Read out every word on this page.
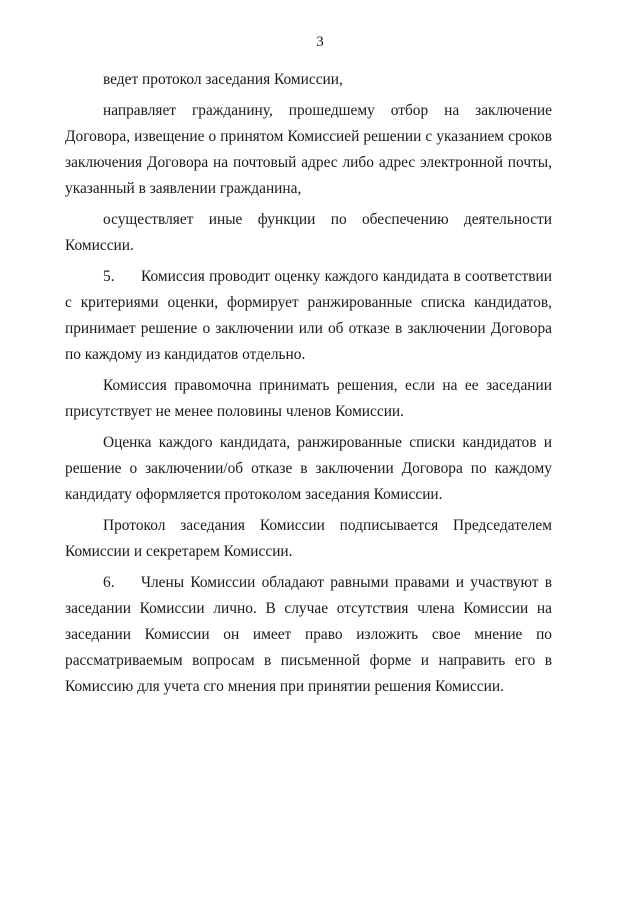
3

ведет протокол заседания Комиссии,

направляет гражданину, прошедшему отбор на заключение Договора, извещение о принятом Комиссией решении с указанием сроков заключения Договора на почтовый адрес либо адрес электронной почты, указанный в заявлении гражданина,

осуществляет иные функции по обеспечению деятельности Комиссии.

5. Комиссия проводит оценку каждого кандидата в соответствии с критериями оценки, формирует ранжированные списка кандидатов, принимает решение о заключении или об отказе в заключении Договора по каждому из кандидатов отдельно.

Комиссия правомочна принимать решения, если на ее заседании присутствует не менее половины членов Комиссии.

Оценка каждого кандидата, ранжированные списки кандидатов и решение о заключении/об отказе в заключении Договора по каждому кандидату оформляется протоколом заседания Комиссии.

Протокол заседания Комиссии подписывается Председателем Комиссии и секретарем Комиссии.

6. Члены Комиссии обладают равными правами и участвуют в заседании Комиссии лично. В случае отсутствия члена Комиссии на заседании Комиссии он имеет право изложить свое мнение по рассматриваемым вопросам в письменной форме и направить его в Комиссию для учета сго мнения при принятии решения Комиссии.
